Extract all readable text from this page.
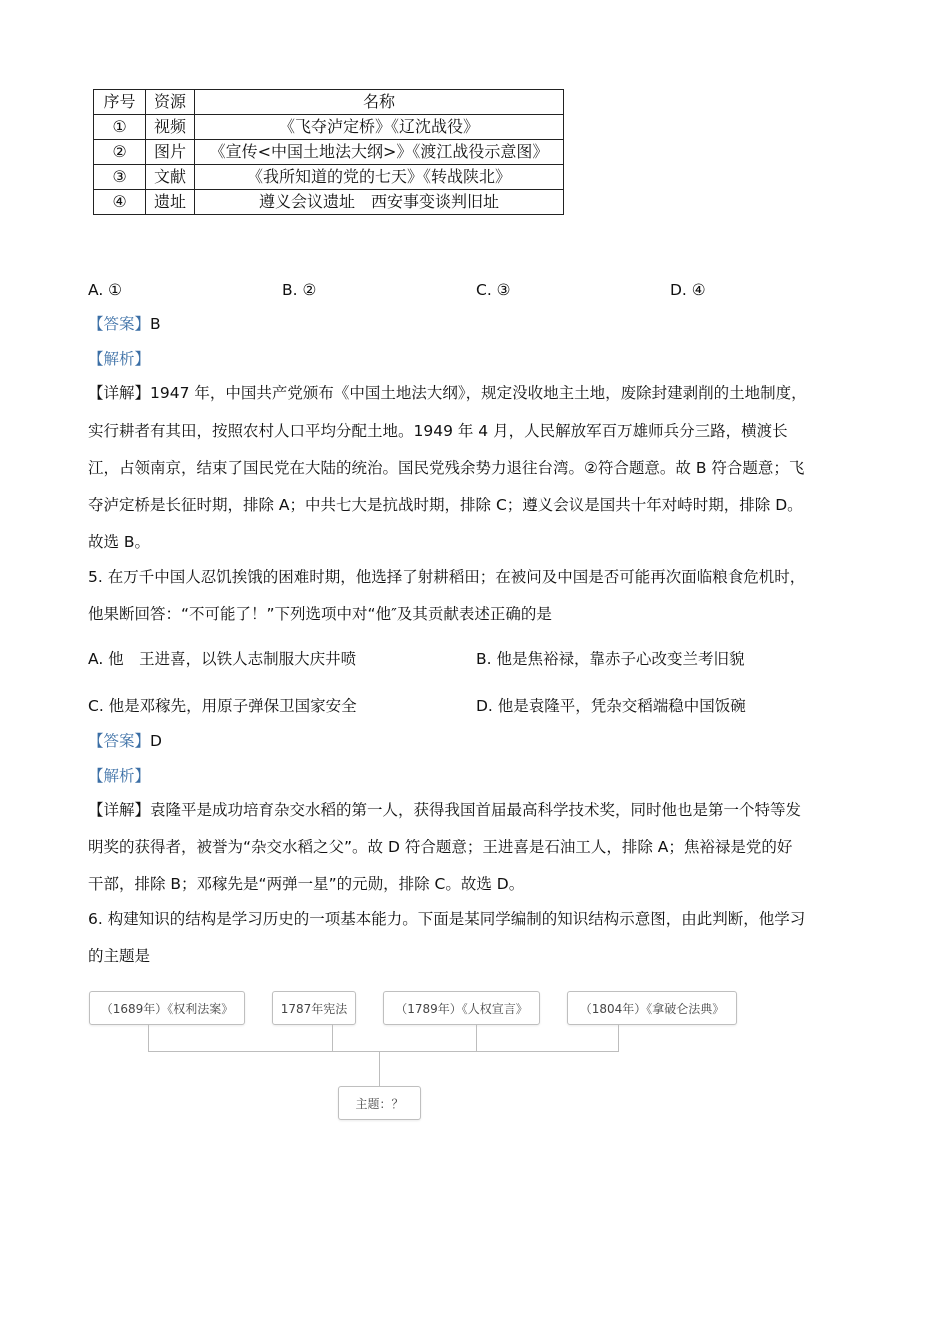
序号	资源	名称
①	视频	《飞夺泸定桥》《辽沈战役》
②	图片	《宣传<中国土地法大纲>》《渡江战役示意图》
③	文献	《我所知道的党的七天》《转战陕北》
④	遗址	遵义会议遗址　西安事变谈判旧址
A. ①	B. ②	C. ③	D. ④
【答案】B
【解析】
【详解】1947 年，中国共产党颁布《中国土地法大纲》，规定没收地主土地，废除封建剥削的土地制度，
实行耕者有其田，按照农村人口平均分配土地。1949 年 4 月，人民解放军百万雄师兵分三路，横渡长
江，占领南京，结束了国民党在大陆的统治。国民党残余势力退往台湾。②符合题意。故 B 符合题意；飞
夺泸定桥是长征时期，排除 A；中共七大是抗战时期，排除 C；遵义会议是国共十年对峙时期，排除 D。
故选 B。
5. 在万千中国人忍饥挨饿的困难时期，他选择了射耕稻田；在被问及中国是否可能再次面临粮食危机时，
他果断回答：“不可能了！”下列选项中对“他″及其贡献表述正确的是
A. 他　王进喜，以铁人志制服大庆井喷	B. 他是焦裕禄，靠赤子心改变兰考旧貌
C. 他是邓稼先，用原子弹保卫国家安全	D. 他是袁隆平，凭杂交稻端稳中国饭碗
【答案】D
【解析】
【详解】袁隆平是成功培育杂交水稻的第一人，获得我国首届最高科学技术奖，同时他也是第一个特等发
明奖的获得者，被誉为“杂交水稻之父”。故 D 符合题意；王进喜是石油工人，排除 A；焦裕禄是党的好
干部，排除 B；邓稼先是“两弹一星”的元勋，排除 C。故选 D。
6. 构建知识的结构是学习历史的一项基本能力。下面是某同学编制的知识结构示意图，由此判断，他学习
的主题是
（1689年）《权利法案》	1787年宪法	（1789年）《人权宣言》	（1804年）《拿破仑法典》
主题：？
